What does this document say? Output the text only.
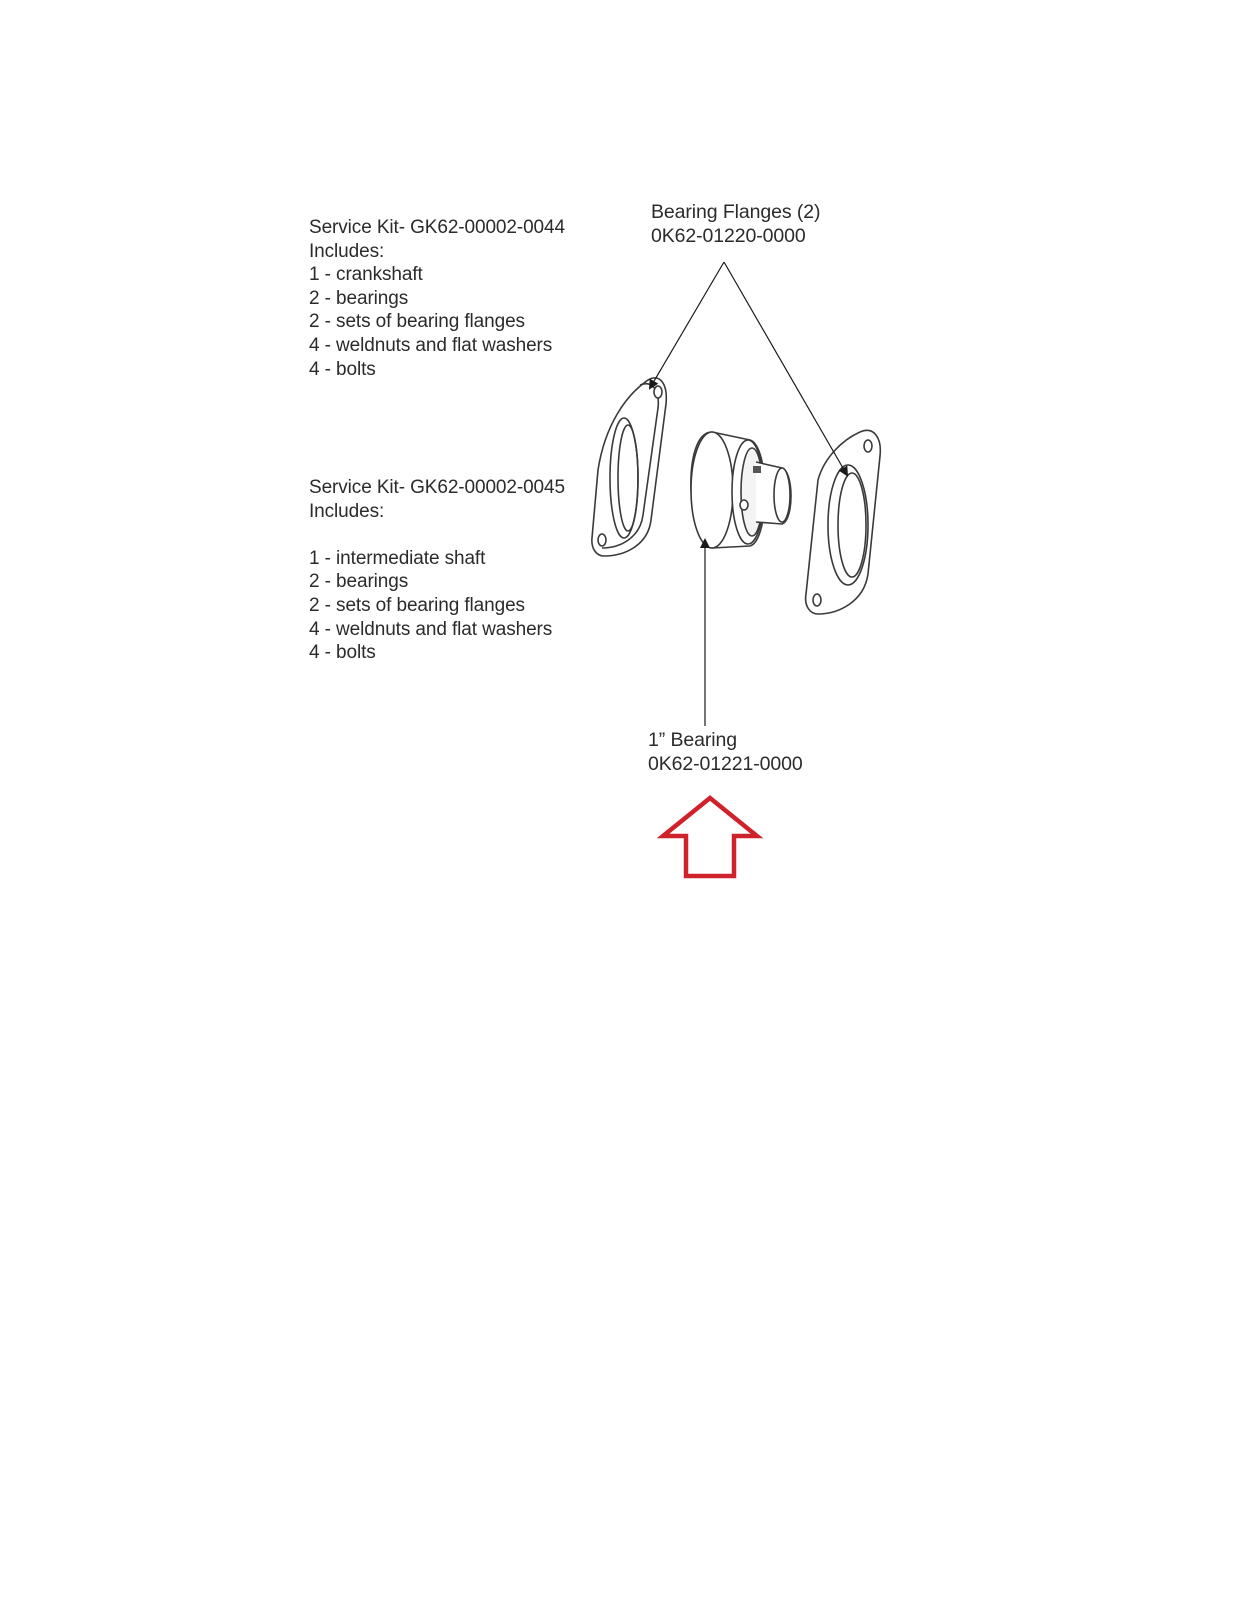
Service Kit- GK62-00002-0044
Includes:
1 - crankshaft
2 - bearings
2 - sets of bearing flanges
4 - weldnuts and flat washers
4 - bolts
Service Kit- GK62-00002-0045
Includes:
1 - intermediate shaft
2 - bearings
2 - sets of bearing flanges
4 - weldnuts and flat washers
4 - bolts
Bearing Flanges (2)
0K62-01220-0000
1” Bearing
0K62-01221-0000
